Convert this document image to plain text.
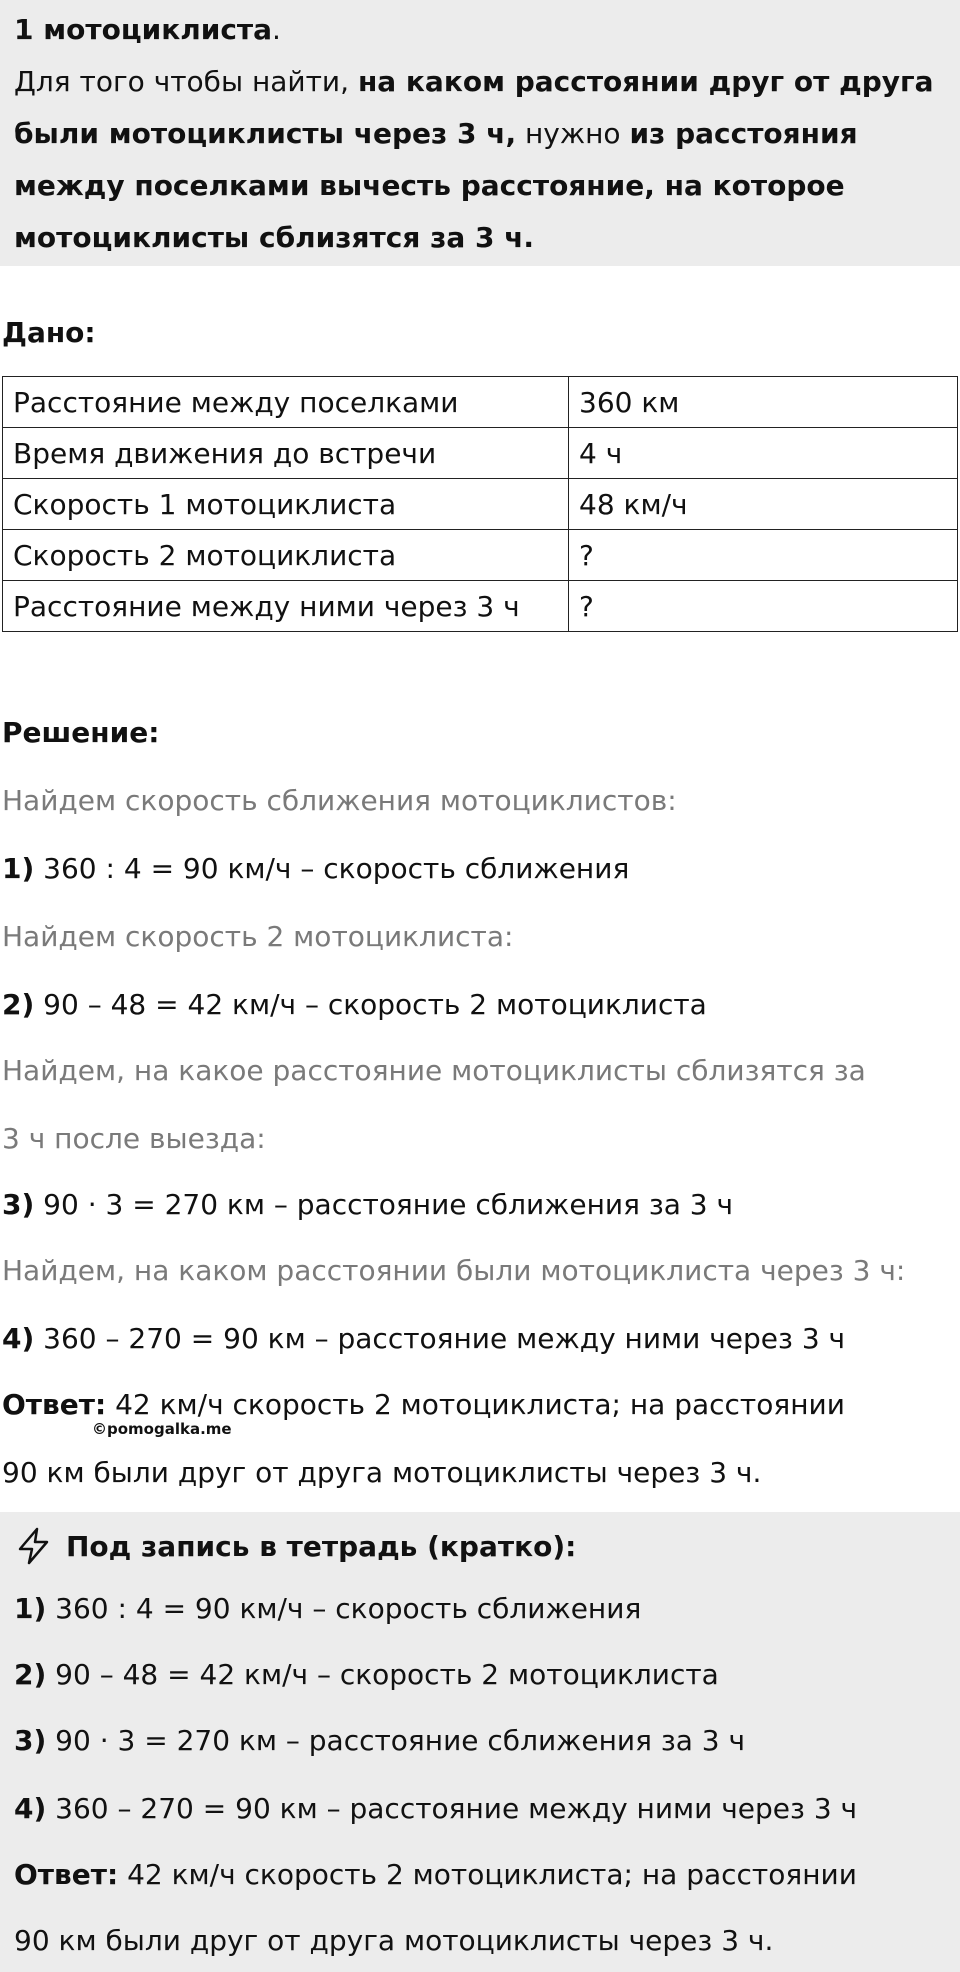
1 мотоциклиста.
Для того чтобы найти, на каком расстоянии друг от друга
были мотоциклисты через 3 ч, нужно из расстояния
между поселками вычесть расстояние, на которое
мотоциклисты сблизятся за 3 ч.
Дано:
Расстояние между поселками	360 км
Время движения до встречи	4 ч
Скорость 1 мотоциклиста	48 км/ч
Скорость 2 мотоциклиста	?
Расстояние между ними через 3 ч	?
Решение:
Найдем скорость сближения мотоциклистов:
1) 360 : 4 = 90 км/ч – скорость сближения
Найдем скорость 2 мотоциклиста:
2) 90 – 48 = 42 км/ч – скорость 2 мотоциклиста
Найдем, на какое расстояние мотоциклисты сблизятся за
3 ч после выезда:
3) 90 · 3 = 270 км – расстояние сближения за 3 ч
Найдем, на каком расстоянии были мотоциклиста через 3 ч:
4) 360 – 270 = 90 км – расстояние между ними через 3 ч
Ответ: 42 км/ч скорость 2 мотоциклиста; на расстоянии
©pomogalka.me
90 км были друг от друга мотоциклисты через 3 ч.
Под запись в тетрадь (кратко):
1) 360 : 4 = 90 км/ч – скорость сближения
2) 90 – 48 = 42 км/ч – скорость 2 мотоциклиста
3) 90 · 3 = 270 км – расстояние сближения за 3 ч
4) 360 – 270 = 90 км – расстояние между ними через 3 ч
Ответ: 42 км/ч скорость 2 мотоциклиста; на расстоянии
90 км были друг от друга мотоциклисты через 3 ч.
